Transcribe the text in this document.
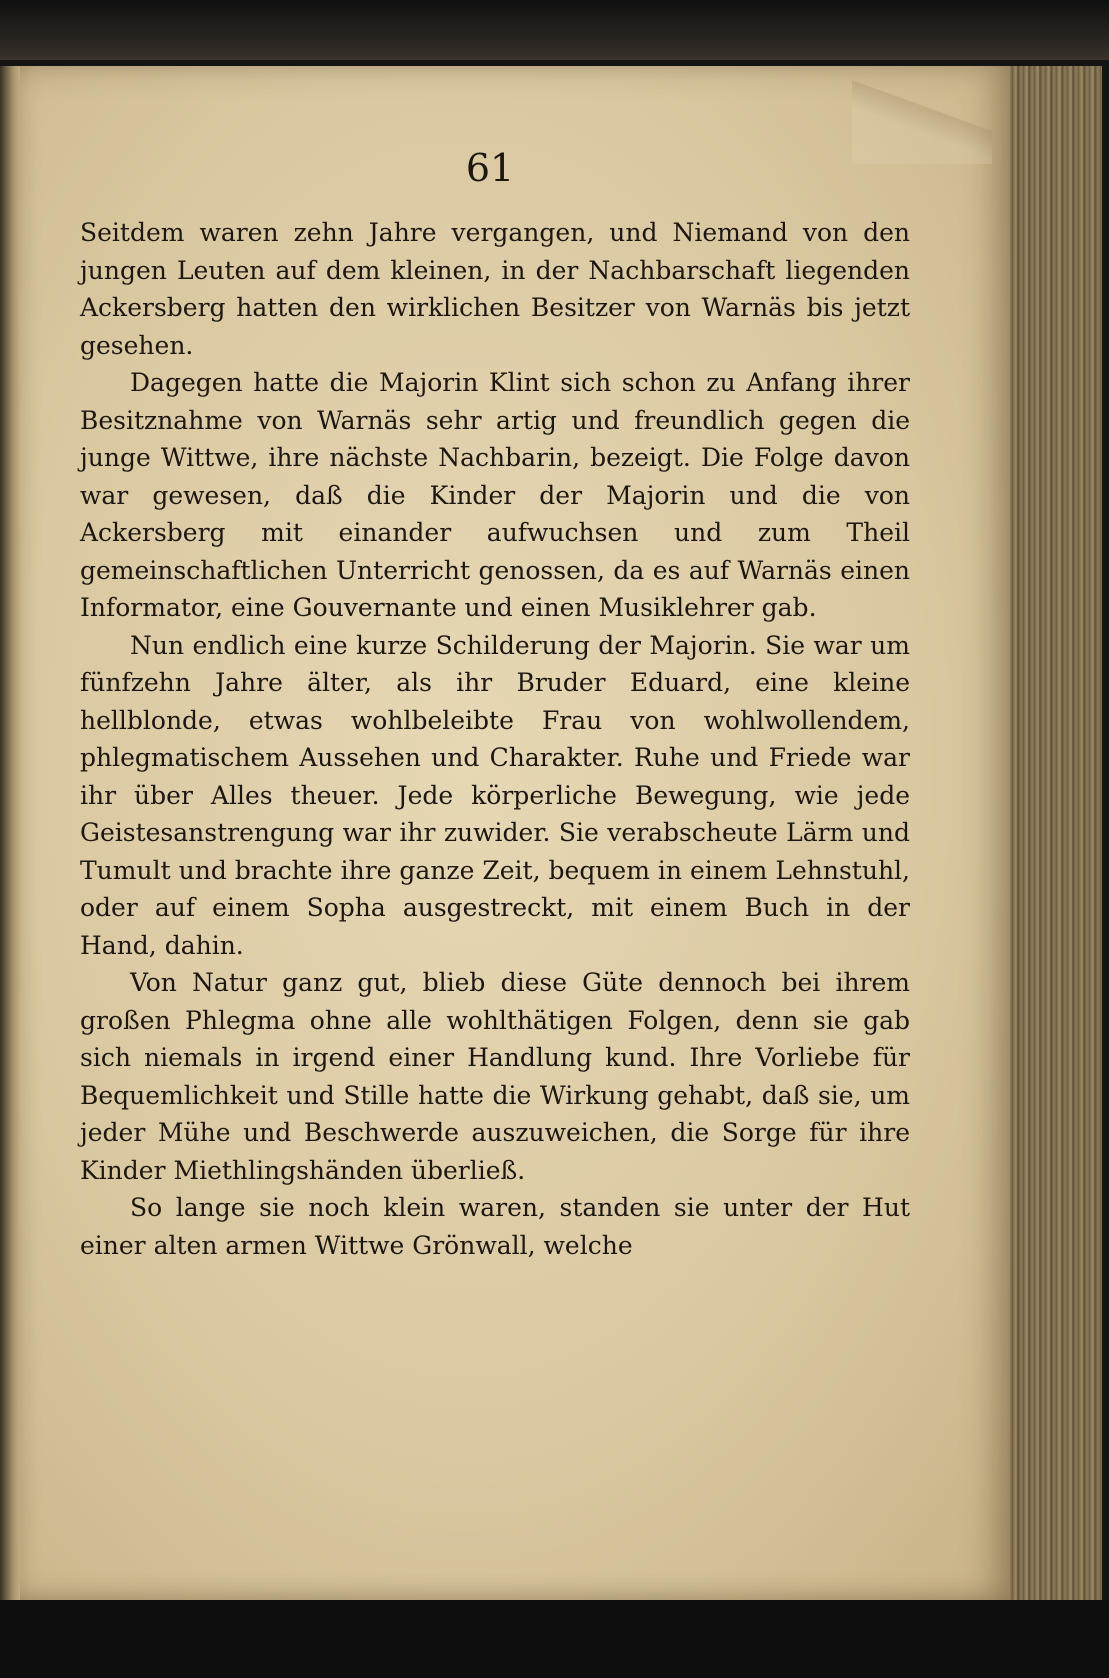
61

Seitdem waren zehn Jahre vergangen, und Niemand von den jungen Leuten auf dem kleinen, in der Nachbarschaft liegenden Ackersberg hatten den wirklichen Besitzer von Warnäs bis jetzt gesehen.

Dagegen hatte die Majorin Klint sich schon zu Anfang ihrer Besitznahme von Warnäs sehr artig und freundlich gegen die junge Wittwe, ihre nächste Nachbarin, bezeigt. Die Folge davon war gewesen, daß die Kinder der Majorin und die von Ackersberg mit einander aufwuchsen und zum Theil gemeinschaftlichen Unterricht genossen, da es auf Warnäs einen Informator, eine Gouvernante und einen Musiklehrer gab.

Nun endlich eine kurze Schilderung der Majorin. Sie war um fünfzehn Jahre älter, als ihr Bruder Eduard, eine kleine hellblonde, etwas wohlbeleibte Frau von wohlwollendem, phlegmatischem Aussehen und Charakter. Ruhe und Friede war ihr über Alles theuer. Jede körperliche Bewegung, wie jede Geistesanstrengung war ihr zuwider. Sie verabscheute Lärm und Tumult und brachte ihre ganze Zeit, bequem in einem Lehnstuhl, oder auf einem Sopha ausgestreckt, mit einem Buch in der Hand, dahin.

Von Natur ganz gut, blieb diese Güte dennoch bei ihrem großen Phlegma ohne alle wohlthätigen Folgen, denn sie gab sich niemals in irgend einer Handlung kund. Ihre Vorliebe für Bequemlichkeit und Stille hatte die Wirkung gehabt, daß sie, um jeder Mühe und Beschwerde auszuweichen, die Sorge für ihre Kinder Miethlingshänden überließ.

So lange sie noch klein waren, standen sie unter der Hut einer alten armen Wittwe Grönwall, welche
